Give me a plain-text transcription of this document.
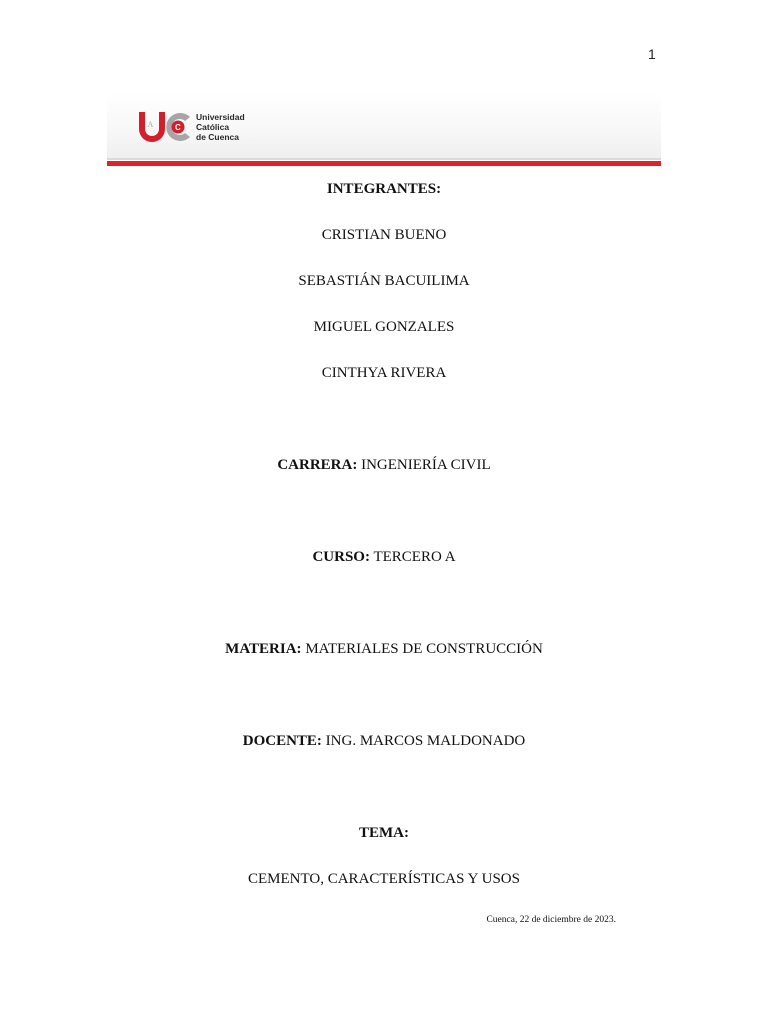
1
A	C
Universidad
Católica
de Cuenca
INTEGRANTES:
CRISTIAN BUENO
SEBASTIÁN BACUILIMA
MIGUEL GONZALES
CINTHYA RIVERA
CARRERA: INGENIERÍA CIVIL
CURSO: TERCERO A
MATERIA: MATERIALES DE CONSTRUCCIÓN
DOCENTE: ING. MARCOS MALDONADO
TEMA:
CEMENTO, CARACTERÍSTICAS Y USOS
Cuenca, 22 de diciembre de 2023.
